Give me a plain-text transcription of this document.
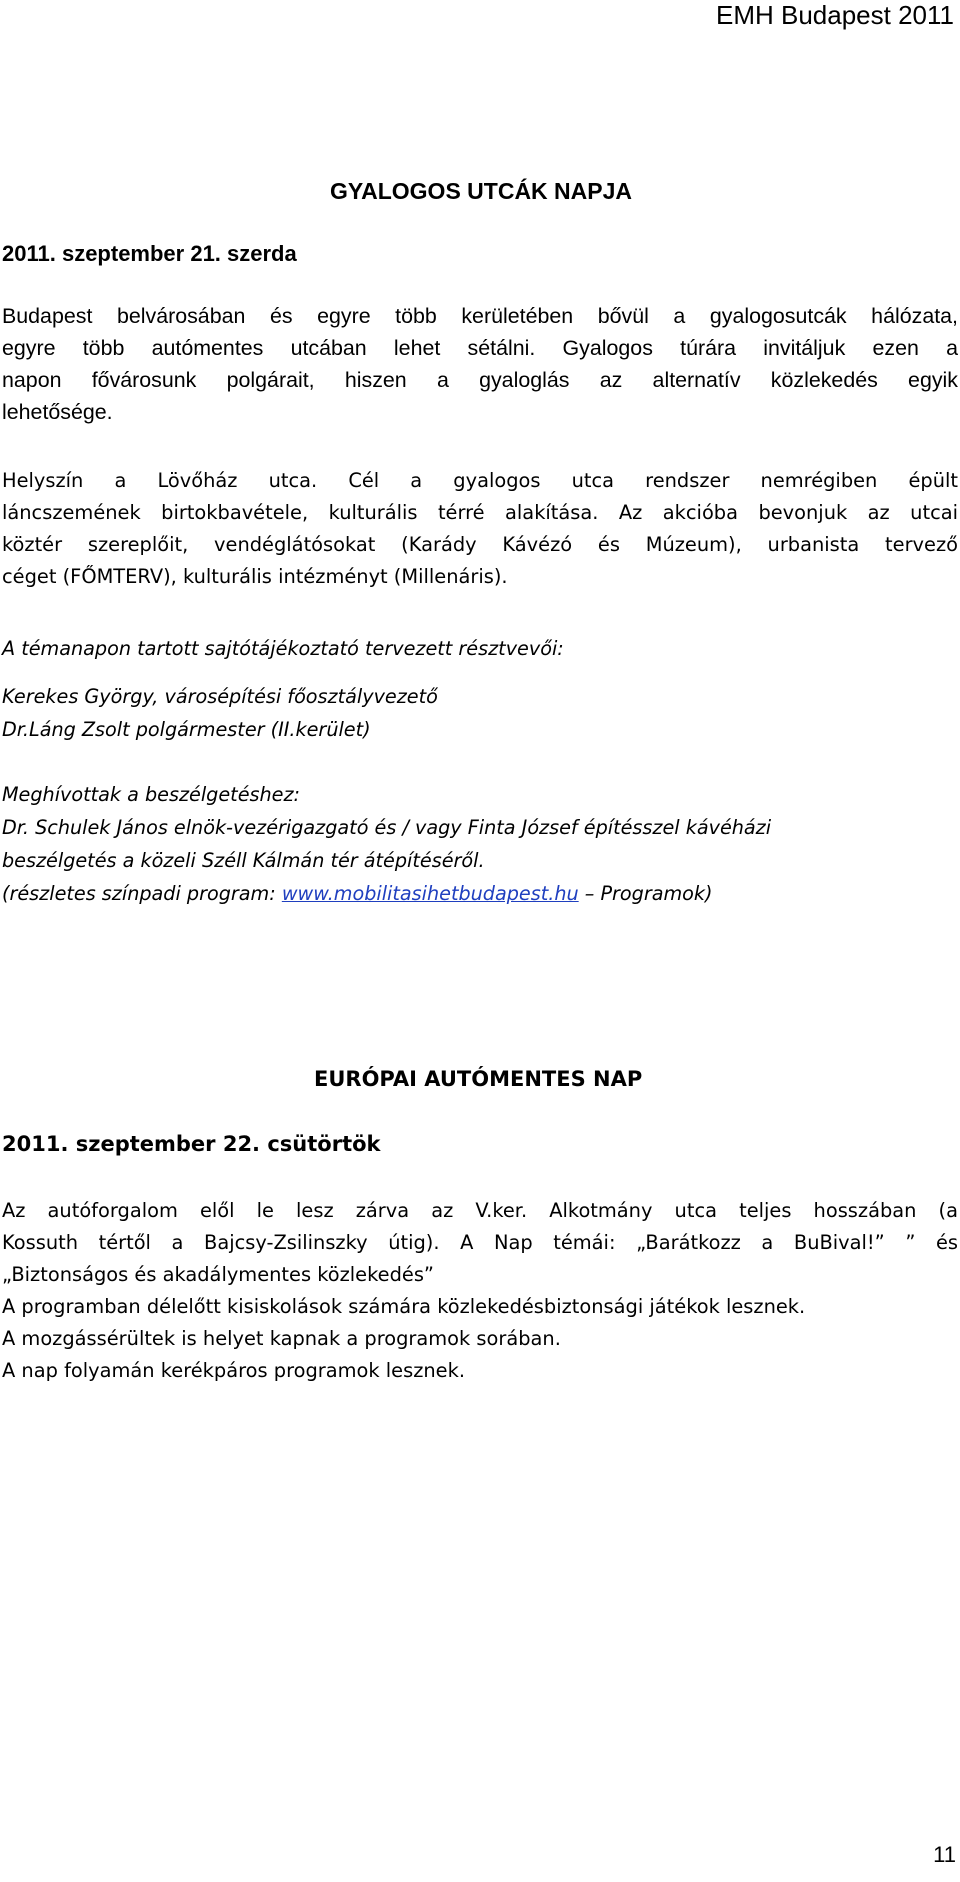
EMH Budapest 2011
GYALOGOS UTCÁK NAPJA
2011. szeptember 21. szerda
Budapest belvárosában és egyre több kerületében bővül a gyalogosutcák hálózata,
egyre több autómentes utcában lehet sétálni. Gyalogos túrára invitáljuk ezen a
napon fővárosunk polgárait, hiszen a gyaloglás az alternatív közlekedés egyik
lehetősége.
Helyszín a Lövőház utca. Cél a gyalogos utca rendszer nemrégiben épült
láncszemének birtokbavétele, kulturális térré alakítása. Az akcióba bevonjuk az utcai
köztér szereplőit, vendéglátósokat (Karády Kávézó és Múzeum), urbanista tervező
céget (FŐMTERV), kulturális intézményt (Millenáris).
A témanapon tartott sajtótájékoztató tervezett résztvevői:
Kerekes György, városépítési főosztályvezető
Dr.Láng Zsolt polgármester (II.kerület)
Meghívottak a beszélgetéshez:
Dr. Schulek János elnök-vezérigazgató és / vagy Finta József építésszel kávéházi
beszélgetés a közeli Széll Kálmán tér átépítéséről.
(részletes színpadi program: www.mobilitasihetbudapest.hu – Programok)
EURÓPAI AUTÓMENTES NAP
2011. szeptember 22. csütörtök
Az autóforgalom elől le lesz zárva az V.ker. Alkotmány utca teljes hosszában (a
Kossuth tértől a Bajcsy-Zsilinszky útig). A Nap témái: „Barátkozz a BuBival!” ” és
„Biztonságos és akadálymentes közlekedés”
A programban délelőtt kisiskolások számára közlekedésbiztonsági játékok lesznek.
A mozgássérültek is helyet kapnak a programok sorában.
A nap folyamán kerékpáros programok lesznek.
11
